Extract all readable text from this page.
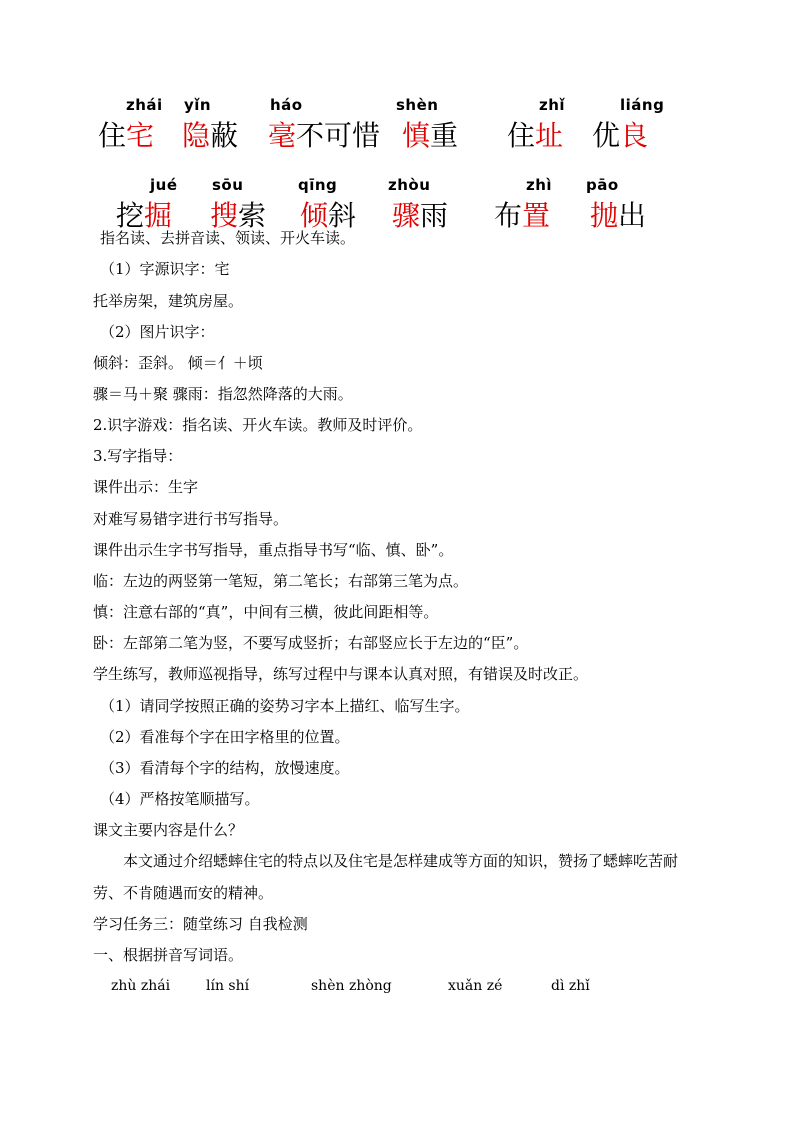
zhái
住宅
yǐn
隐蔽
háo
毫不可惜
shèn
慎重
zhǐ
住址
liáng
优良
jué
挖掘
sōu
搜索
qīng
倾斜
zhòu
骤雨
zhì
布置
pāo
抛出
指名读、去拼音读、领读、开火车读。
（1）字源识字：宅
托举房架，建筑房屋。
（2）图片识字：
倾斜：歪斜。 倾＝亻＋顷
骤＝马＋聚 骤雨：指忽然降落的大雨。
2.识字游戏：指名读、开火车读。教师及时评价。
3.写字指导：
课件出示：生字
对难写易错字进行书写指导。
课件出示生字书写指导，重点指导书写“临、慎、卧”。
临：左边的两竖第一笔短，第二笔长；右部第三笔为点。
慎：注意右部的“真”，中间有三横，彼此间距相等。
卧：左部第二笔为竖，不要写成竖折；右部竖应长于左边的“臣”。
学生练写，教师巡视指导，练写过程中与课本认真对照，有错误及时改正。
（1）请同学按照正确的姿势习字本上描红、临写生字。
（2）看准每个字在田字格里的位置。
（3）看清每个字的结构，放慢速度。
（4）严格按笔顺描写。
课文主要内容是什么？
本文通过介绍蟋蟀住宅的特点以及住宅是怎样建成等方面的知识，赞扬了蟋蟀吃苦耐劳、不肯随遇而安的精神。
学习任务三：随堂练习 自我检测
一、根据拼音写词语。
zhù zhái	lín shí	shèn zhòng	xuǎn zé	dì zhǐ
